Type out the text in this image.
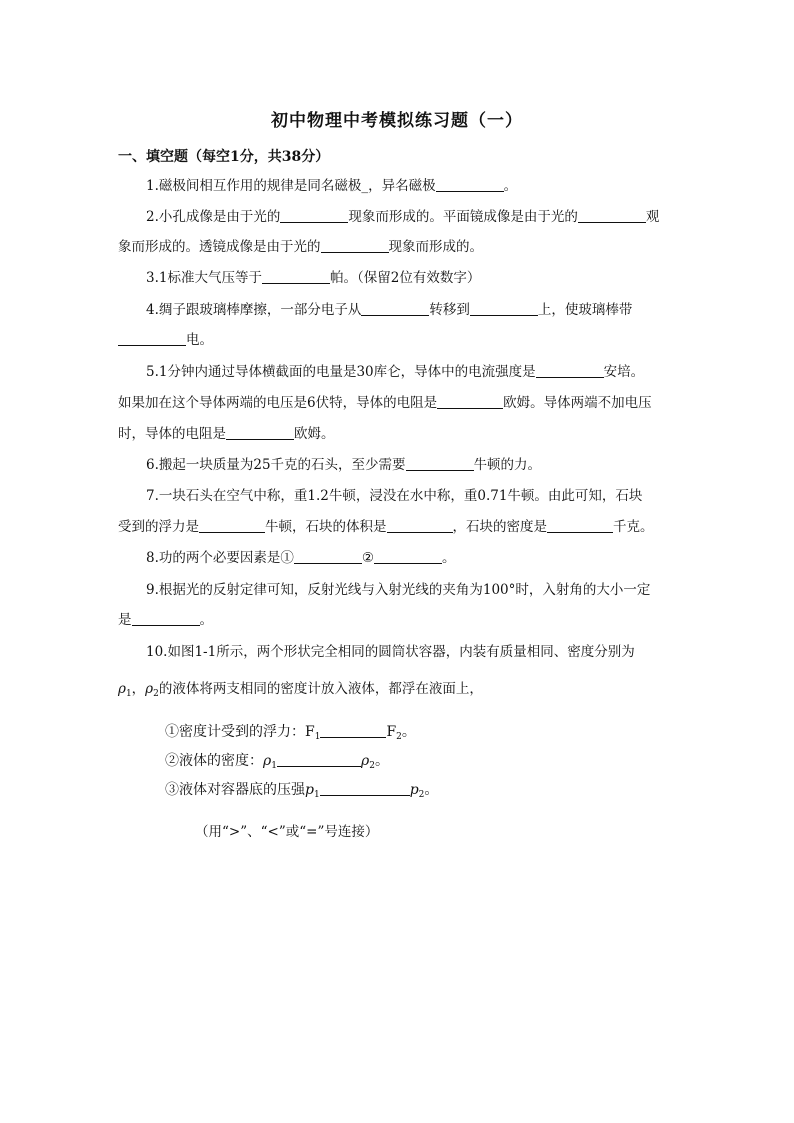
初中物理中考模拟练习题（一）
一、填空题（每空1分，共38分）
1.磁极间相互作用的规律是同名磁极_，异名磁极	。
2.小孔成像是由于光的	现象而形成的。平面镜成像是由于光的	观
象而形成的。透镜成像是由于光的	现象而形成的。
3.1标准大气压等于	帕。（保留2位有效数字）
4.绸子跟玻璃棒摩擦，一部分电子从	转移到	上，使玻璃棒带
电。
5.1分钟内通过导体横截面的电量是30库仑，导体中的电流强度是	安培。
如果加在这个导体两端的电压是6伏特，导体的电阻是	欧姆。导体两端不加电压
时，导体的电阻是	欧姆。
6.搬起一块质量为25千克的石头，至少需要	牛顿的力。
7.一块石头在空气中称，重1.2牛顿，浸没在水中称，重0.71牛顿。由此可知，石块
受到的浮力是	牛顿，石块的体积是	，石块的密度是	千克。
8.功的两个必要因素是①	②	。
9.根据光的反射定律可知，反射光线与入射光线的夹角为100°时，入射角的大小一定
是	。
10.如图1-1所示，两个形状完全相同的圆筒状容器，内装有质量相同、密度分别为
$\rho_1$，$\rho_2$的液体将两支相同的密度计放入液体，都浮在液面上，
①密度计受到的浮力：$F_1$	$F_2$。
②液体的密度：$\rho_1$	$\rho_2$。
③液体对容器底的压强$p_1$	$p_2$。
（用“>”、“<”或“=”号连接）
